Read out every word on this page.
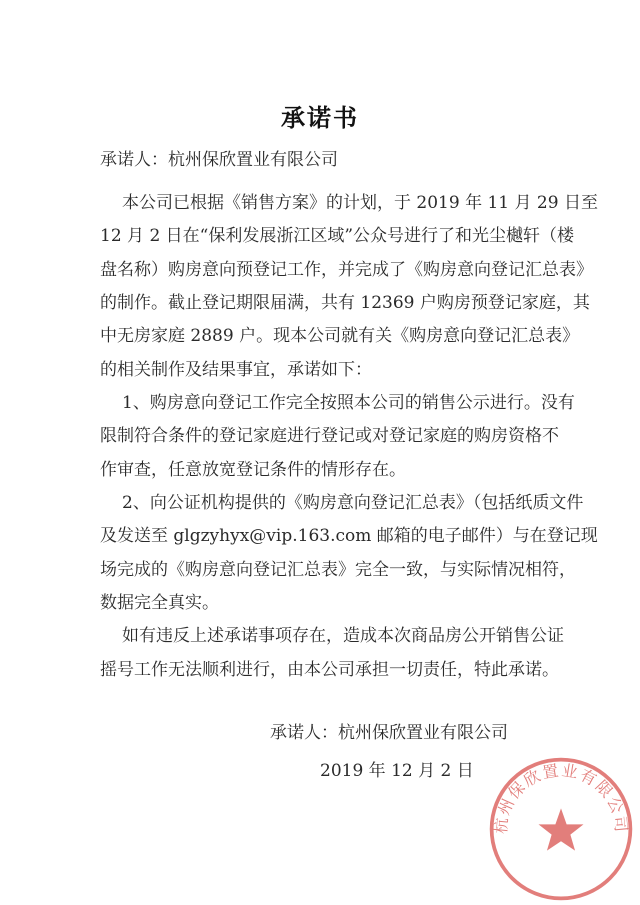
承诺书
承诺人：杭州保欣置业有限公司
本公司已根据《销售方案》的计划，于 2019 年 11 月 29 日至
12 月 2 日在“保利发展浙江区域”公众号进行了和光尘樾轩（楼
盘名称）购房意向预登记工作，并完成了《购房意向登记汇总表》
的制作。截止登记期限届满，共有 12369 户购房预登记家庭，其
中无房家庭 2889 户。现本公司就有关《购房意向登记汇总表》
的相关制作及结果事宜，承诺如下：
1、购房意向登记工作完全按照本公司的销售公示进行。没有
限制符合条件的登记家庭进行登记或对登记家庭的购房资格不
作审查，任意放宽登记条件的情形存在。
2、向公证机构提供的《购房意向登记汇总表》（包括纸质文件
及发送至 glgzyhyx@vip.163.com 邮箱的电子邮件）与在登记现
场完成的《购房意向登记汇总表》完全一致，与实际情况相符，
数据完全真实。
如有违反上述承诺事项存在，造成本次商品房公开销售公证
摇号工作无法顺利进行，由本公司承担一切责任，特此承诺。
承诺人：杭州保欣置业有限公司
2019 年 12 月 2 日
杭州保欣置业有限公司
